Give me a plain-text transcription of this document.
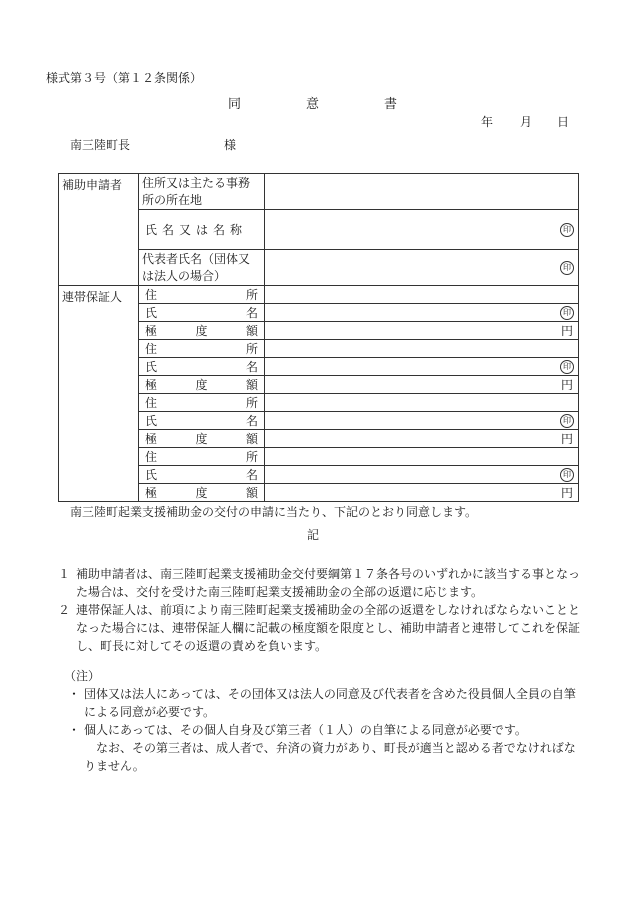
様式第３号（第１２条関係）
同	意	書
年 月 日
南三陸町長	様
補助申請者	住所又は主たる事務所の所在地	

	氏名又は名称	印

	代表者氏名（団体又は法人の場合）	印

連帯保証人	住 所	

	氏 名	印

	極 度 額	円

	住 所	

	氏 名	印

	極 度 額	円

	住 所	

	氏 名	印

	極 度 額	円

	住 所	

	氏 名	印

	極 度 額	円
南三陸町起業支援補助金の交付の申請に当たり、下記のとおり同意します。
記
１ 補助申請者は、南三陸町起業支援補助金交付要綱第１７条各号のいずれかに該当する事となった場合は、交付を受けた南三陸町起業支援補助金の全部の返還に応じます。
２ 連帯保証人は、前項により南三陸町起業支援補助金の全部の返還をしなければならないこととなった場合には、連帯保証人欄に記載の極度額を限度とし、補助申請者と連帯してこれを保証し、町長に対してその返還の責めを負います。
（注）
・ 団体又は法人にあっては、その団体又は法人の同意及び代表者を含めた役員個人全員の自筆による同意が必要です。
・ 個人にあっては、その個人自身及び第三者（１人）の自筆による同意が必要です。
なお、その第三者は、成人者で、弁済の資力があり、町長が適当と認める者でなければなりません。
